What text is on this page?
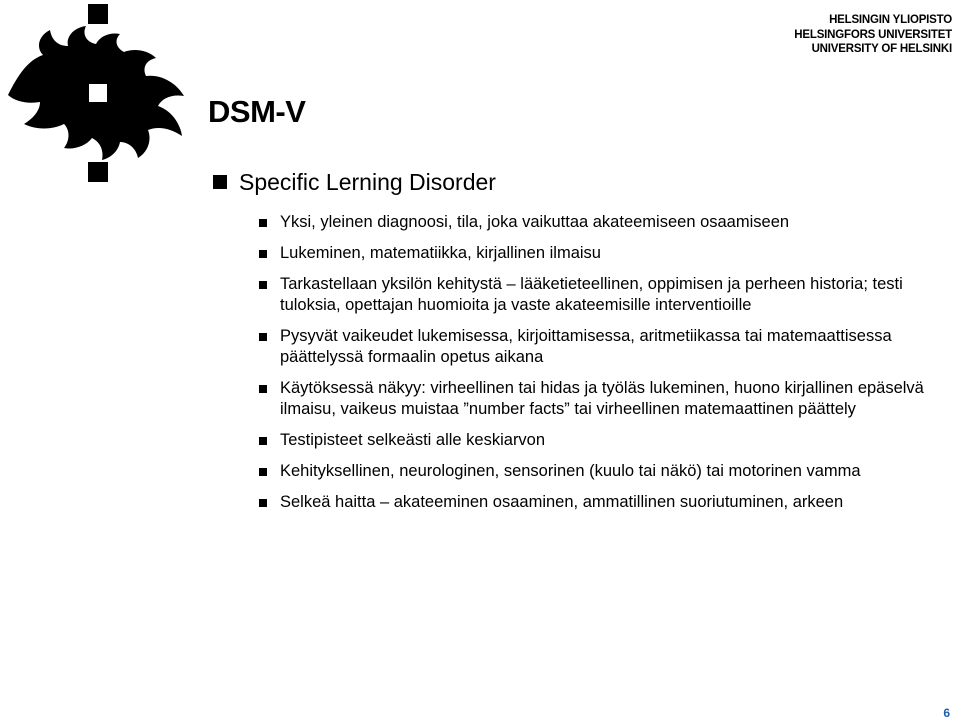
HELSINGIN YLIOPISTO
HELSINGFORS UNIVERSITET
UNIVERSITY OF HELSINKI
DSM-V
Specific Lerning Disorder
Yksi, yleinen diagnoosi, tila, joka vaikuttaa akateemiseen osaamiseen
Lukeminen, matematiikka, kirjallinen ilmaisu
Tarkastellaan yksilön kehitystä – lääketieteellinen, oppimisen ja perheen historia; testi tuloksia, opettajan huomioita ja vaste akateemisille interventioille
Pysyvät vaikeudet lukemisessa, kirjoittamisessa, aritmetiikassa tai matemaattisessa päättelyssä formaalin opetus aikana
Käytöksessä näkyy: virheellinen tai hidas ja työläs lukeminen, huono kirjallinen epäselvä ilmaisu, vaikeus muistaa ”number facts” tai virheellinen matemaattinen päättely
Testipisteet selkeästi alle keskiarvon
Kehityksellinen, neurologinen, sensorinen (kuulo tai näkö) tai motorinen vamma
Selkeä haitta – akateeminen osaaminen, ammatillinen suoriutuminen, arkeen
6
